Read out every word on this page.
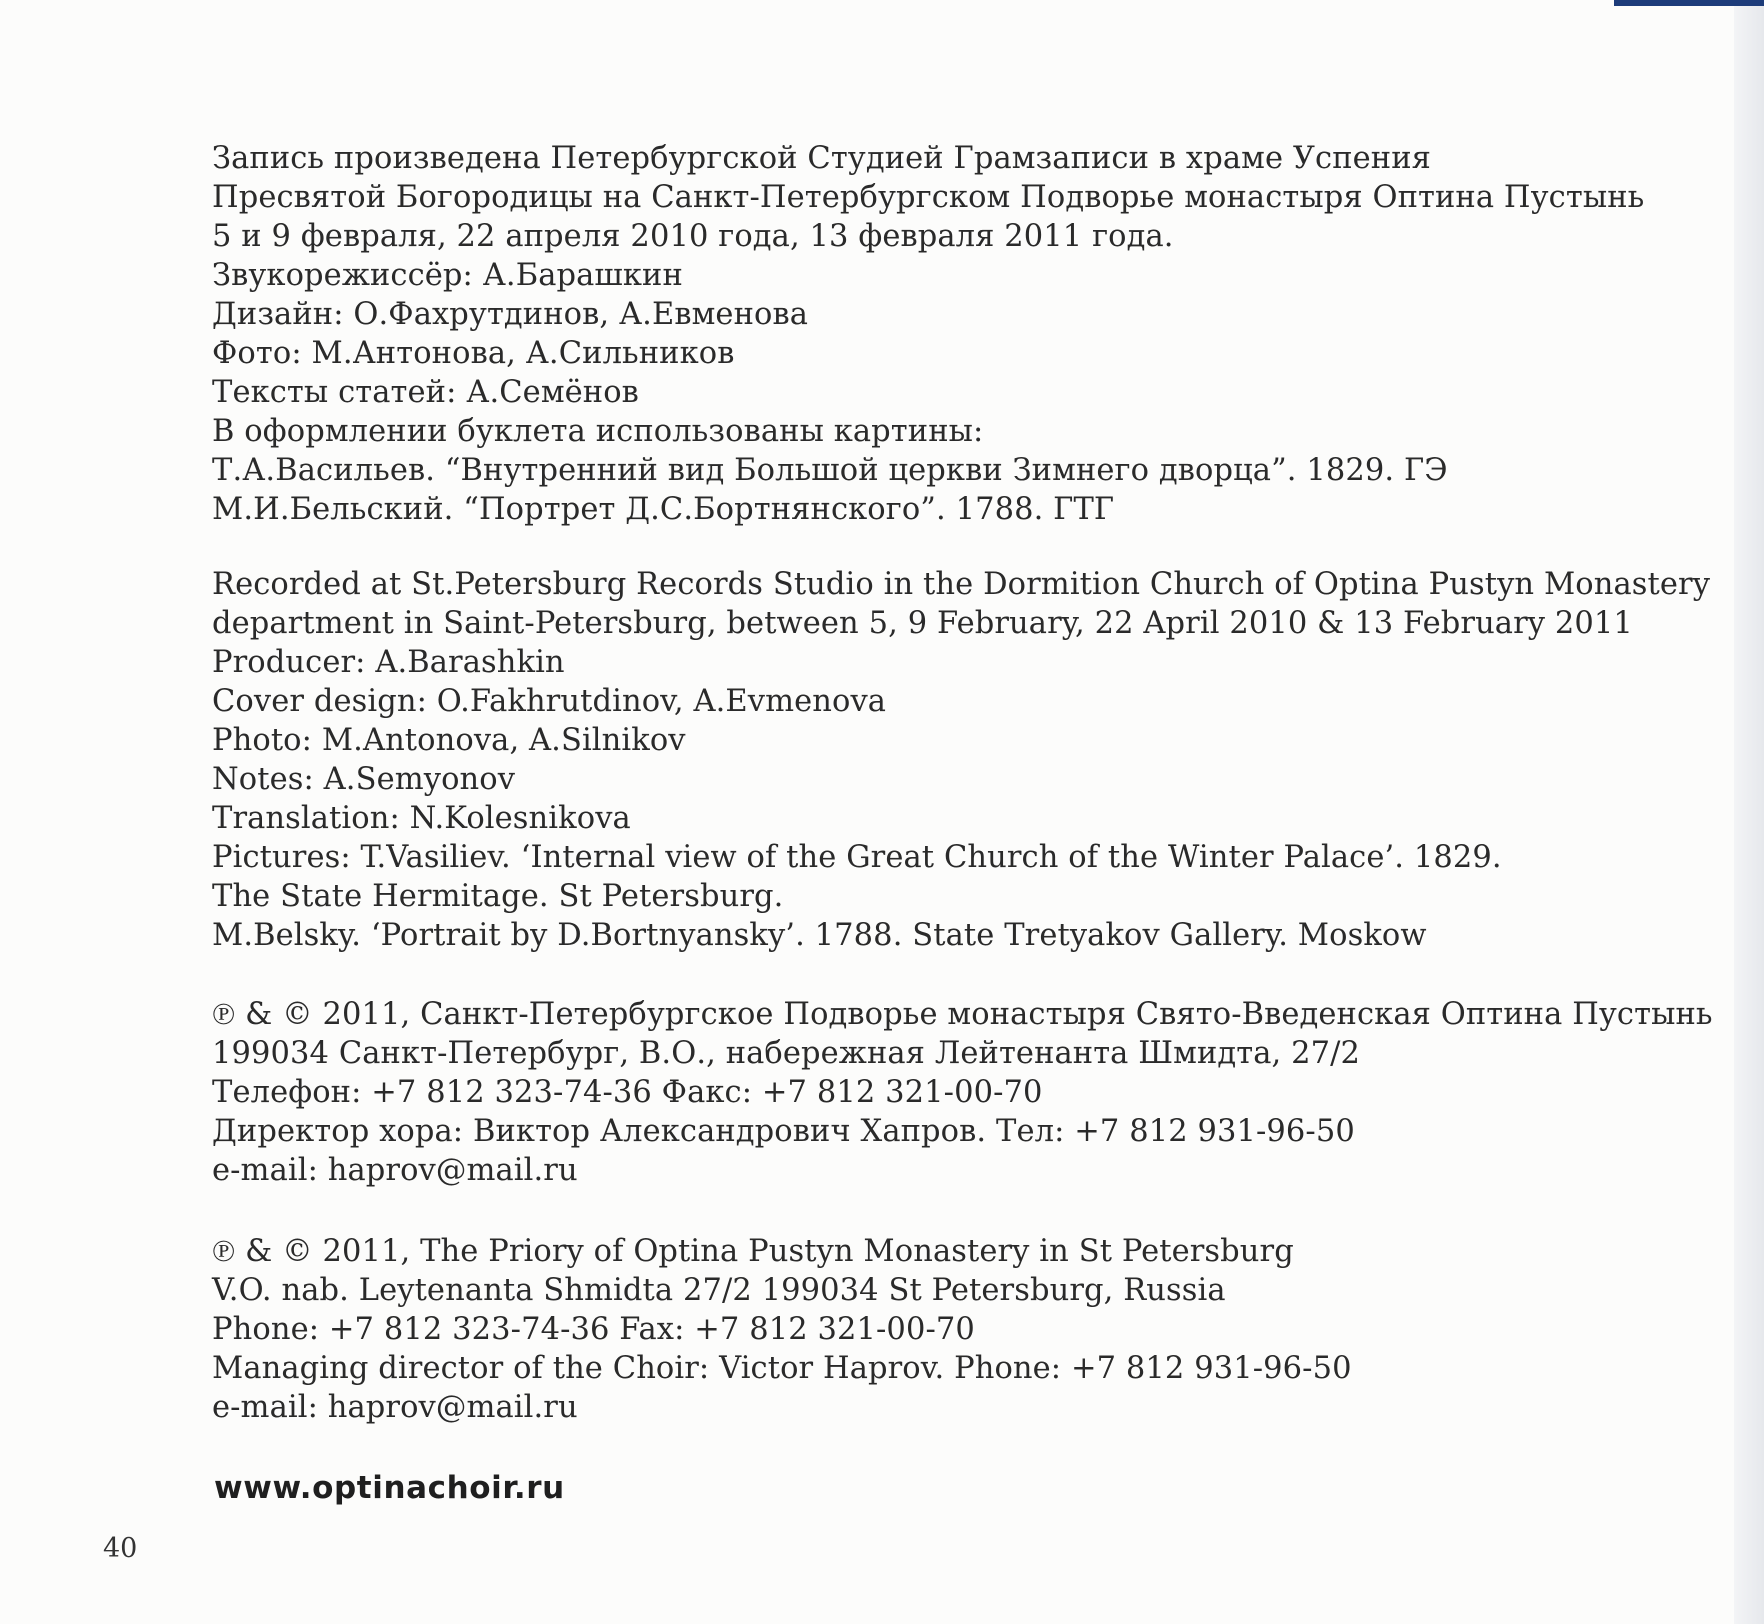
Запись произведена Петербургской Студией Грамзаписи в храме Успения
Пресвятой Богородицы на Санкт-Петербургском Подворье монастыря Оптина Пустынь
5 и 9 февраля, 22 апреля 2010 года, 13 февраля 2011 года.
Звукорежиссёр: А.Барашкин
Дизайн: О.Фахрутдинов, А.Евменова
Фото: М.Антонова, А.Сильников
Тексты статей: А.Семёнов
В оформлении буклета использованы картины:
Т.А.Васильев. “Внутренний вид Большой церкви Зимнего дворца”. 1829. ГЭ
М.И.Бельский. “Портрет Д.С.Бортнянского”. 1788. ГТГ
Recorded at St.Petersburg Records Studio in the Dormition Church of Optina Pustyn Monastery
department in Saint-Petersburg, between 5, 9 February, 22 April 2010 & 13 February 2011
Producer: A.Barashkin
Cover design: O.Fakhrutdinov, A.Evmenova
Photo: M.Antonova, A.Silnikov
Notes: A.Semyonov
Translation: N.Kolesnikova
Pictures: T.Vasiliev. ‘Internal view of the Great Church of the Winter Palace’. 1829.
The State Hermitage. St Petersburg.
M.Belsky. ‘Portrait by D.Bortnyansky’. 1788. State Tretyakov Gallery. Moskow
℗ & © 2011, Санкт-Петербургское Подворье монастыря Свято-Введенская Оптина Пустынь
199034 Санкт-Петербург, В.О., набережная Лейтенанта Шмидта, 27/2
Телефон: +7 812 323-74-36 Факс: +7 812 321-00-70
Директор хора: Виктор Александрович Хапров. Тел: +7 812 931-96-50
e-mail: haprov@mail.ru
℗ & © 2011, The Priory of Optina Pustyn Monastery in St Petersburg
V.O. nab. Leytenanta Shmidta 27/2 199034 St Petersburg, Russia
Phone: +7 812 323-74-36 Fax: +7 812 321-00-70
Managing director of the Choir: Victor Haprov. Phone: +7 812 931-96-50
e-mail: haprov@mail.ru
www.optinachoir.ru
40
